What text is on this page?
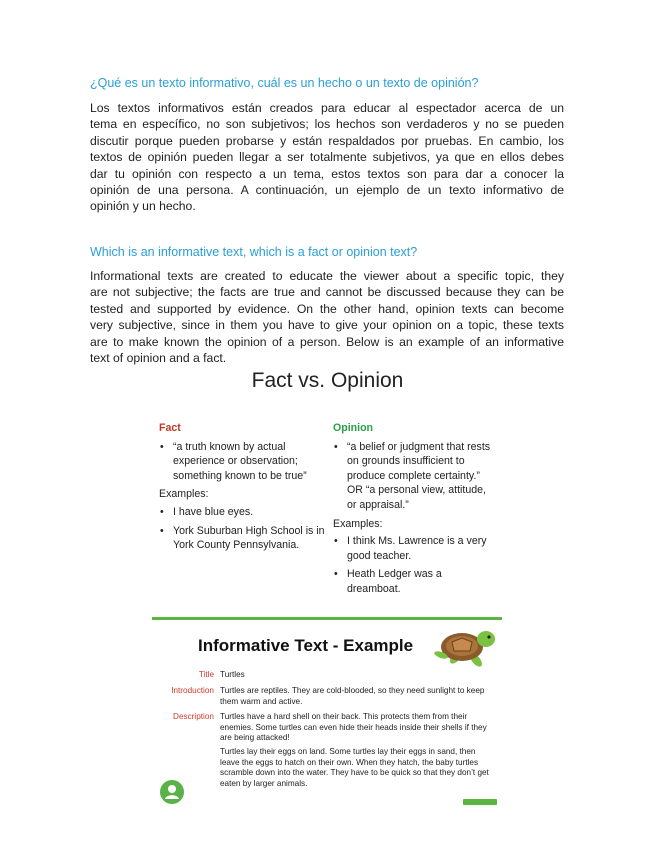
¿Qué es un texto informativo, cuál es un hecho o un texto de opinión?
Los textos informativos están creados para educar al espectador acerca de un
tema en específico, no son subjetivos; los hechos son verdaderos y no se pueden
discutir porque pueden probarse y están respaldados por pruebas. En cambio, los
textos de opinión pueden llegar a ser totalmente subjetivos, ya que en ellos debes
dar tu opinión con respecto a un tema, estos textos son para dar a conocer la
opinión de una persona. A continuación, un ejemplo de un texto informativo de
opinión y un hecho.
Which is an informative text, which is a fact or opinion text?
Informational texts are created to educate the viewer about a specific topic, they
are not subjective; the facts are true and cannot be discussed because they can be
tested and supported by evidence. On the other hand, opinion texts can become
very subjective, since in them you have to give your opinion on a topic, these texts
are to make known the opinion of a person. Below is an example of an informative
text of opinion and a fact.
Fact vs. Opinion
Fact
• “a truth known by actual experience or observation; something known to be true”
Examples:
• I have blue eyes.
• York Suburban High School is in York County Pennsylvania.
Opinion
• “a belief or judgment that rests on grounds insufficient to produce complete certainty.” OR “a personal view, attitude, or appraisal.”
Examples:
• I think Ms. Lawrence is a very good teacher.
• Heath Ledger was a dreamboat.
Informative Text - Example
Title Turtles
Introduction Turtles are reptiles. They are cold-blooded, so they need sunlight to keep them warm and active.
Description Turtles have a hard shell on their back. This protects them from their enemies. Some turtles can even hide their heads inside their shells if they are being attacked!
Turtles lay their eggs on land. Some turtles lay their eggs in sand, then leave the eggs to hatch on their own. When they hatch, the baby turtles scramble down into the water. They have to be quick so that they don’t get eaten by larger animals.
